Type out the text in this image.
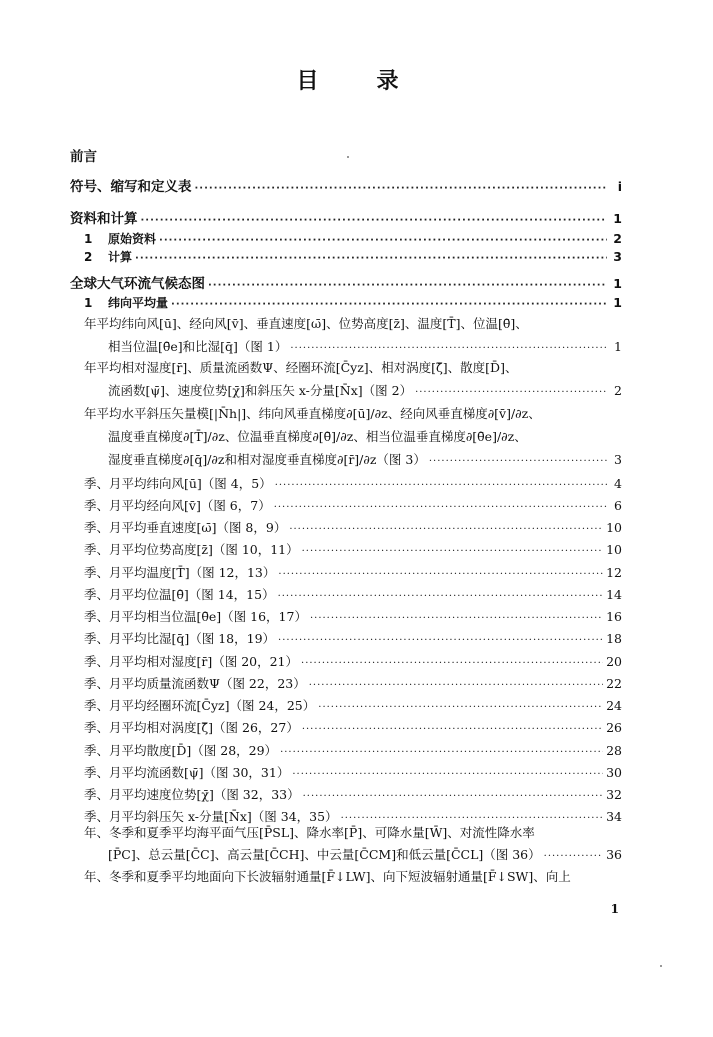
目　录
前言
符号、缩写和定义表 ·····	i
资料和计算 ·····	1
1 原始资料 ·····	2
2 计算 ·····	3
全球大气环流气候态图 ·····	1
1 纬向平均量 ·····	1
年平均纬向风[ū]、经向风[v̄]、垂直速度[ω̄]、位势高度[z̄]、温度[T̄]、位温[θ̄]、
相当位温[θ̄e]和比湿[q̄]（图 1） ·····	1
年平均相对湿度[r̄]、质量流函数Ψ、经圈环流[C̄yz]、相对涡度[ζ̄]、散度[D̄]、
流函数[ψ̄]、速度位势[χ̄]和斜压矢 x-分量[N̄x]（图 2） ·····	2
年平均水平斜压矢量模[|N̄h|]、纬向风垂直梯度∂[ū]/∂z、经向风垂直梯度∂[v̄]/∂z、
温度垂直梯度∂[T̄]/∂z、位温垂直梯度∂[θ̄]/∂z、相当位温垂直梯度∂[θ̄e]/∂z、
湿度垂直梯度∂[q̄]/∂z和相对湿度垂直梯度∂[r̄]/∂z（图 3） ·····	3
季、月平均纬向风[ū]（图 4，5） ·····	4
季、月平均经向风[v̄]（图 6，7） ·····	6
季、月平均垂直速度[ω̄]（图 8，9） ·····	10
季、月平均位势高度[z̄]（图 10，11） ·····	10
季、月平均温度[T̄]（图 12，13） ·····	12
季、月平均位温[θ̄]（图 14，15） ·····	14
季、月平均相当位温[θ̄e]（图 16，17） ·····	16
季、月平均比湿[q̄]（图 18，19） ·····	18
季、月平均相对湿度[r̄]（图 20，21） ·····	20
季、月平均质量流函数Ψ（图 22，23） ·····	22
季、月平均经圈环流[C̄yz]（图 24，25） ·····	24
季、月平均相对涡度[ζ̄]（图 26，27） ·····	26
季、月平均散度[D̄]（图 28，29） ·····	28
季、月平均流函数[ψ̄]（图 30，31） ·····	30
季、月平均速度位势[χ̄]（图 32，33） ·····	32
季、月平均斜压矢 x-分量[N̄x]（图 34，35） ·····	34
年、冬季和夏季平均海平面气压[P̄SL]、降水率[P̄]、可降水量[W̄]、对流性降水率
[P̄C]、总云量[C̄C]、高云量[C̄CH]、中云量[C̄CM]和低云量[C̄CL]（图 36） ·····	36
年、冬季和夏季平均地面向下长波辐射通量[F̄↓LW]、向下短波辐射通量[F̄↓SW]、向上
1
